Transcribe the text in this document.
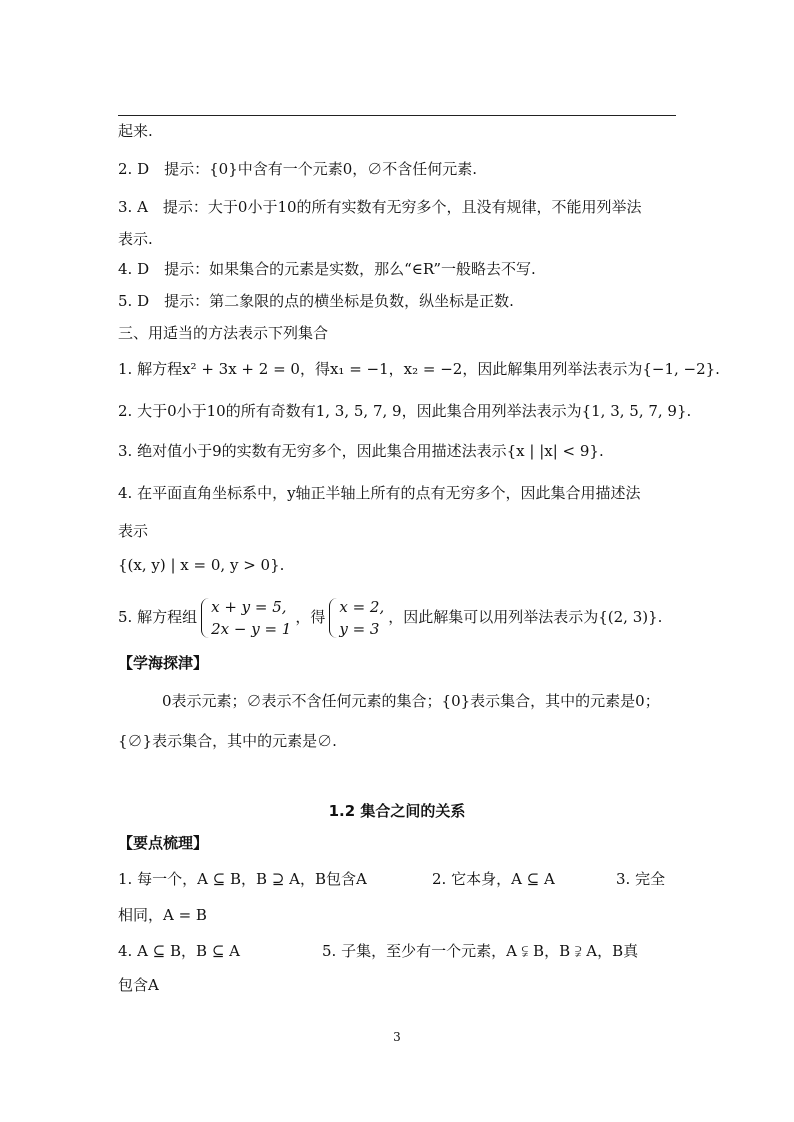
起来.
2. D　提示：{0}中含有一个元素0，∅不含任何元素.
3. A　提示：大于0小于10的所有实数有无穷多个，且没有规律，不能用列举法
表示.
4. D　提示：如果集合的元素是实数，那么“∈R”一般略去不写.
5. D　提示：第二象限的点的横坐标是负数，纵坐标是正数.
三、用适当的方法表示下列集合
1. 解方程x² + 3x + 2 = 0，得x₁ = −1，x₂ = −2，因此解集用列举法表示为{−1, −2}.
2. 大于0小于10的所有奇数有1, 3, 5, 7, 9，因此集合用列举法表示为{1, 3, 5, 7, 9}.
3. 绝对值小于9的实数有无穷多个，因此集合用描述法表示{x | |x| < 9}.
4. 在平面直角坐标系中，y轴正半轴上所有的点有无穷多个，因此集合用描述法
表示
{(x, y) | x = 0, y > 0}.
5. 解方程组
x + y = 5,
2x − y = 1
，得
x = 2,
y = 3
，因此解集可以用列举法表示为{(2, 3)}.
【学海探津】
0表示元素；∅表示不含任何元素的集合；{0}表示集合，其中的元素是0；
{∅}表示集合，其中的元素是∅.
1.2 集合之间的关系
【要点梳理】
1. 每一个，A ⊆ B，B ⊇ A，B包含A	2. 它本身，A ⊆ A	3. 完全
相同，A = B
4. A ⊆ B，B ⊆ A	5. 子集，至少有一个元素，A ⫋ B，B ⫌ A，B真
包含A
3
